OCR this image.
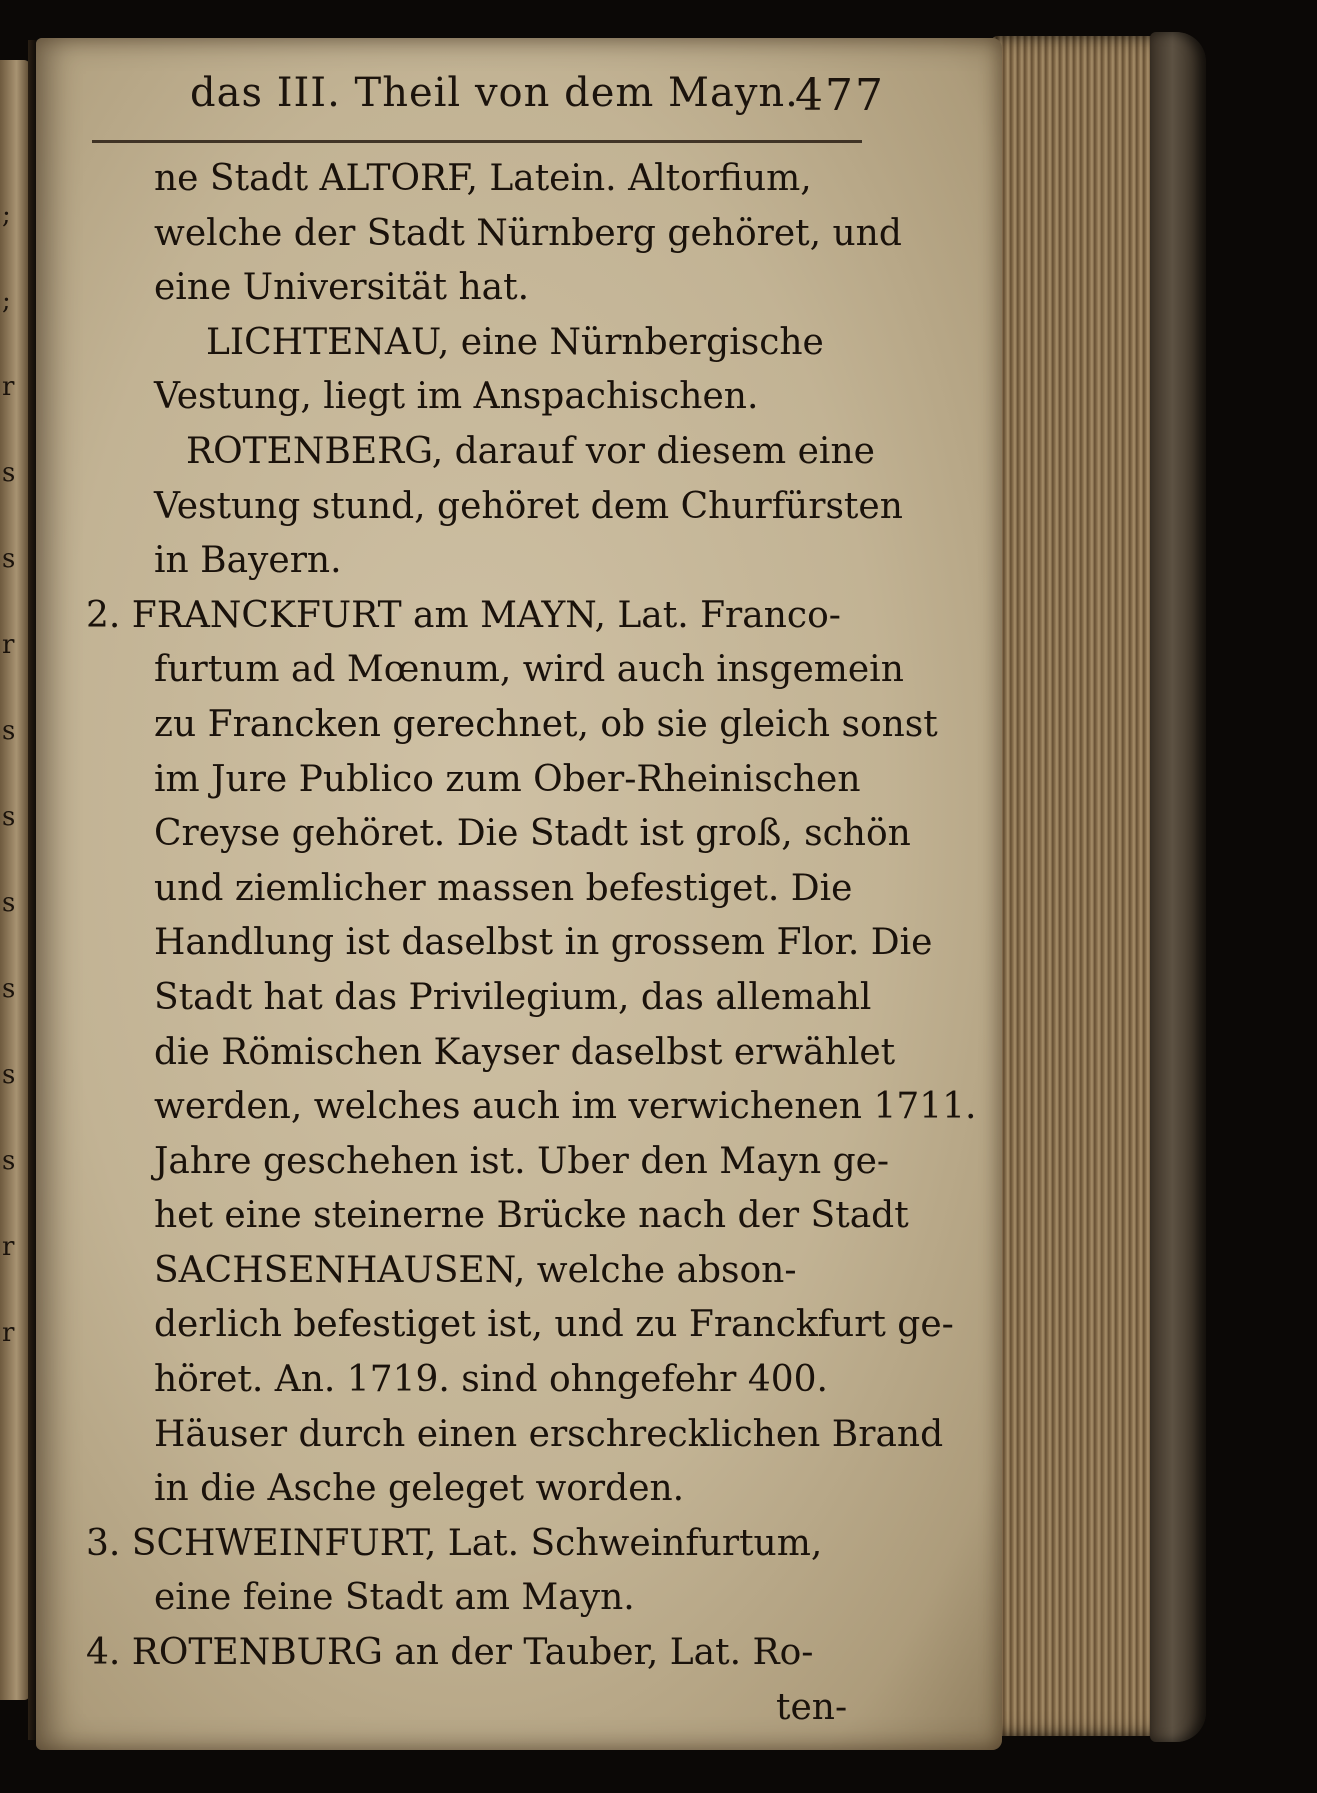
;
;
r
s
s
r
s
s
s
s
s
s
r
r
das III. Theil von dem Mayn.
477
ne Stadt ALTORF, Latein. Altorfium,
welche der Stadt Nürnberg gehöret, und
eine Universität hat.
LICHTENAU, eine Nürnbergische
Vestung, liegt im Anspachischen.
ROTENBERG, darauf vor diesem eine
Vestung stund, gehöret dem Churfürsten
in Bayern.
2. FRANCKFURT am MAYN, Lat. Franco-
furtum ad Mœnum, wird auch insgemein
zu Francken gerechnet, ob sie gleich sonst
im Jure Publico zum Ober-Rheinischen
Creyse gehöret. Die Stadt ist groß, schön
und ziemlicher massen befestiget. Die
Handlung ist daselbst in grossem Flor. Die
Stadt hat das Privilegium, das allemahl
die Römischen Kayser daselbst erwählet
werden, welches auch im verwichenen 1711.
Jahre geschehen ist. Uber den Mayn ge-
het eine steinerne Brücke nach der Stadt
SACHSENHAUSEN, welche abson-
derlich befestiget ist, und zu Franckfurt ge-
höret. An. 1719. sind ohngefehr 400.
Häuser durch einen erschrecklichen Brand
in die Asche geleget worden.
3. SCHWEINFURT, Lat. Schweinfurtum,
eine feine Stadt am Mayn.
4. ROTENBURG an der Tauber, Lat. Ro-
ten-
